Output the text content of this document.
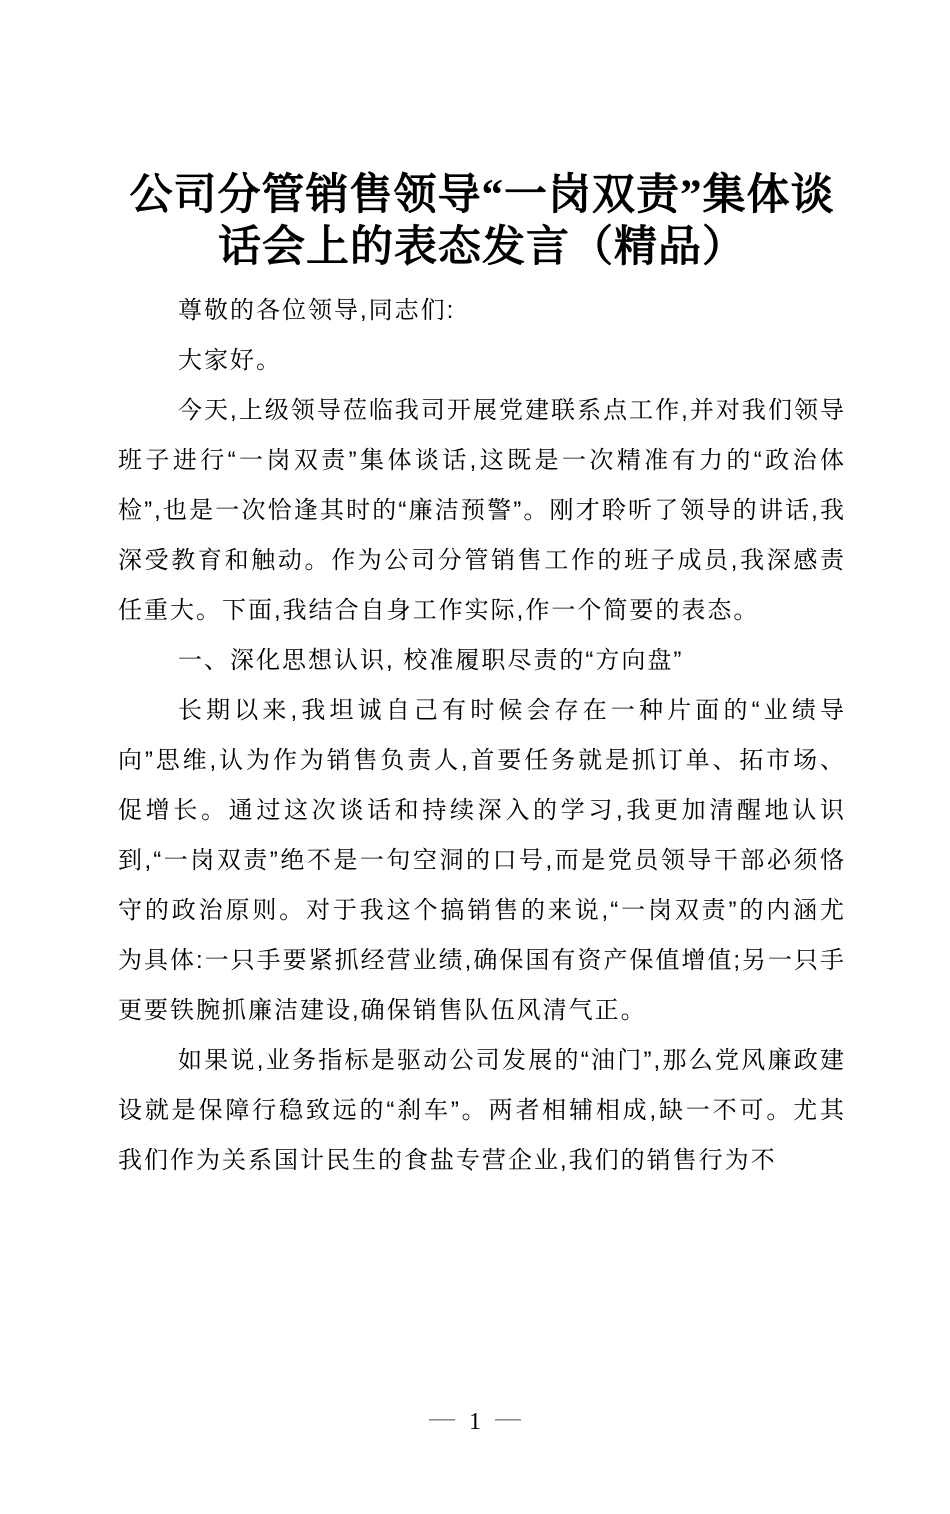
公司分管销售领导“一岗双责”集体谈
话会上的表态发言（精品）

尊敬的各位领导,同志们:

大家好。

今天,上级领导莅临我司开展党建联系点工作,并对我们领导班子进行“一岗双责”集体谈话,这既是一次精准有力的“政治体检”,也是一次恰逢其时的“廉洁预警”。刚才聆听了领导的讲话,我深受教育和触动。作为公司分管销售工作的班子成员,我深感责任重大。下面,我结合自身工作实际,作一个简要的表态。

一、深化思想认识, 校准履职尽责的“方向盘”

长期以来,我坦诚自己有时候会存在一种片面的“业绩导向”思维,认为作为销售负责人,首要任务就是抓订单、拓市场、促增长。通过这次谈话和持续深入的学习,我更加清醒地认识到,“一岗双责”绝不是一句空洞的口号,而是党员领导干部必须恪守的政治原则。对于我这个搞销售的来说,“一岗双责”的内涵尤为具体:一只手要紧抓经营业绩,确保国有资产保值增值;另一只手更要铁腕抓廉洁建设,确保销售队伍风清气正。

如果说,业务指标是驱动公司发展的“油门”,那么党风廉政建设就是保障行稳致远的“刹车”。两者相辅相成,缺一不可。尤其我们作为关系国计民生的食盐专营企业,我们的销售行为不

— 1 —
